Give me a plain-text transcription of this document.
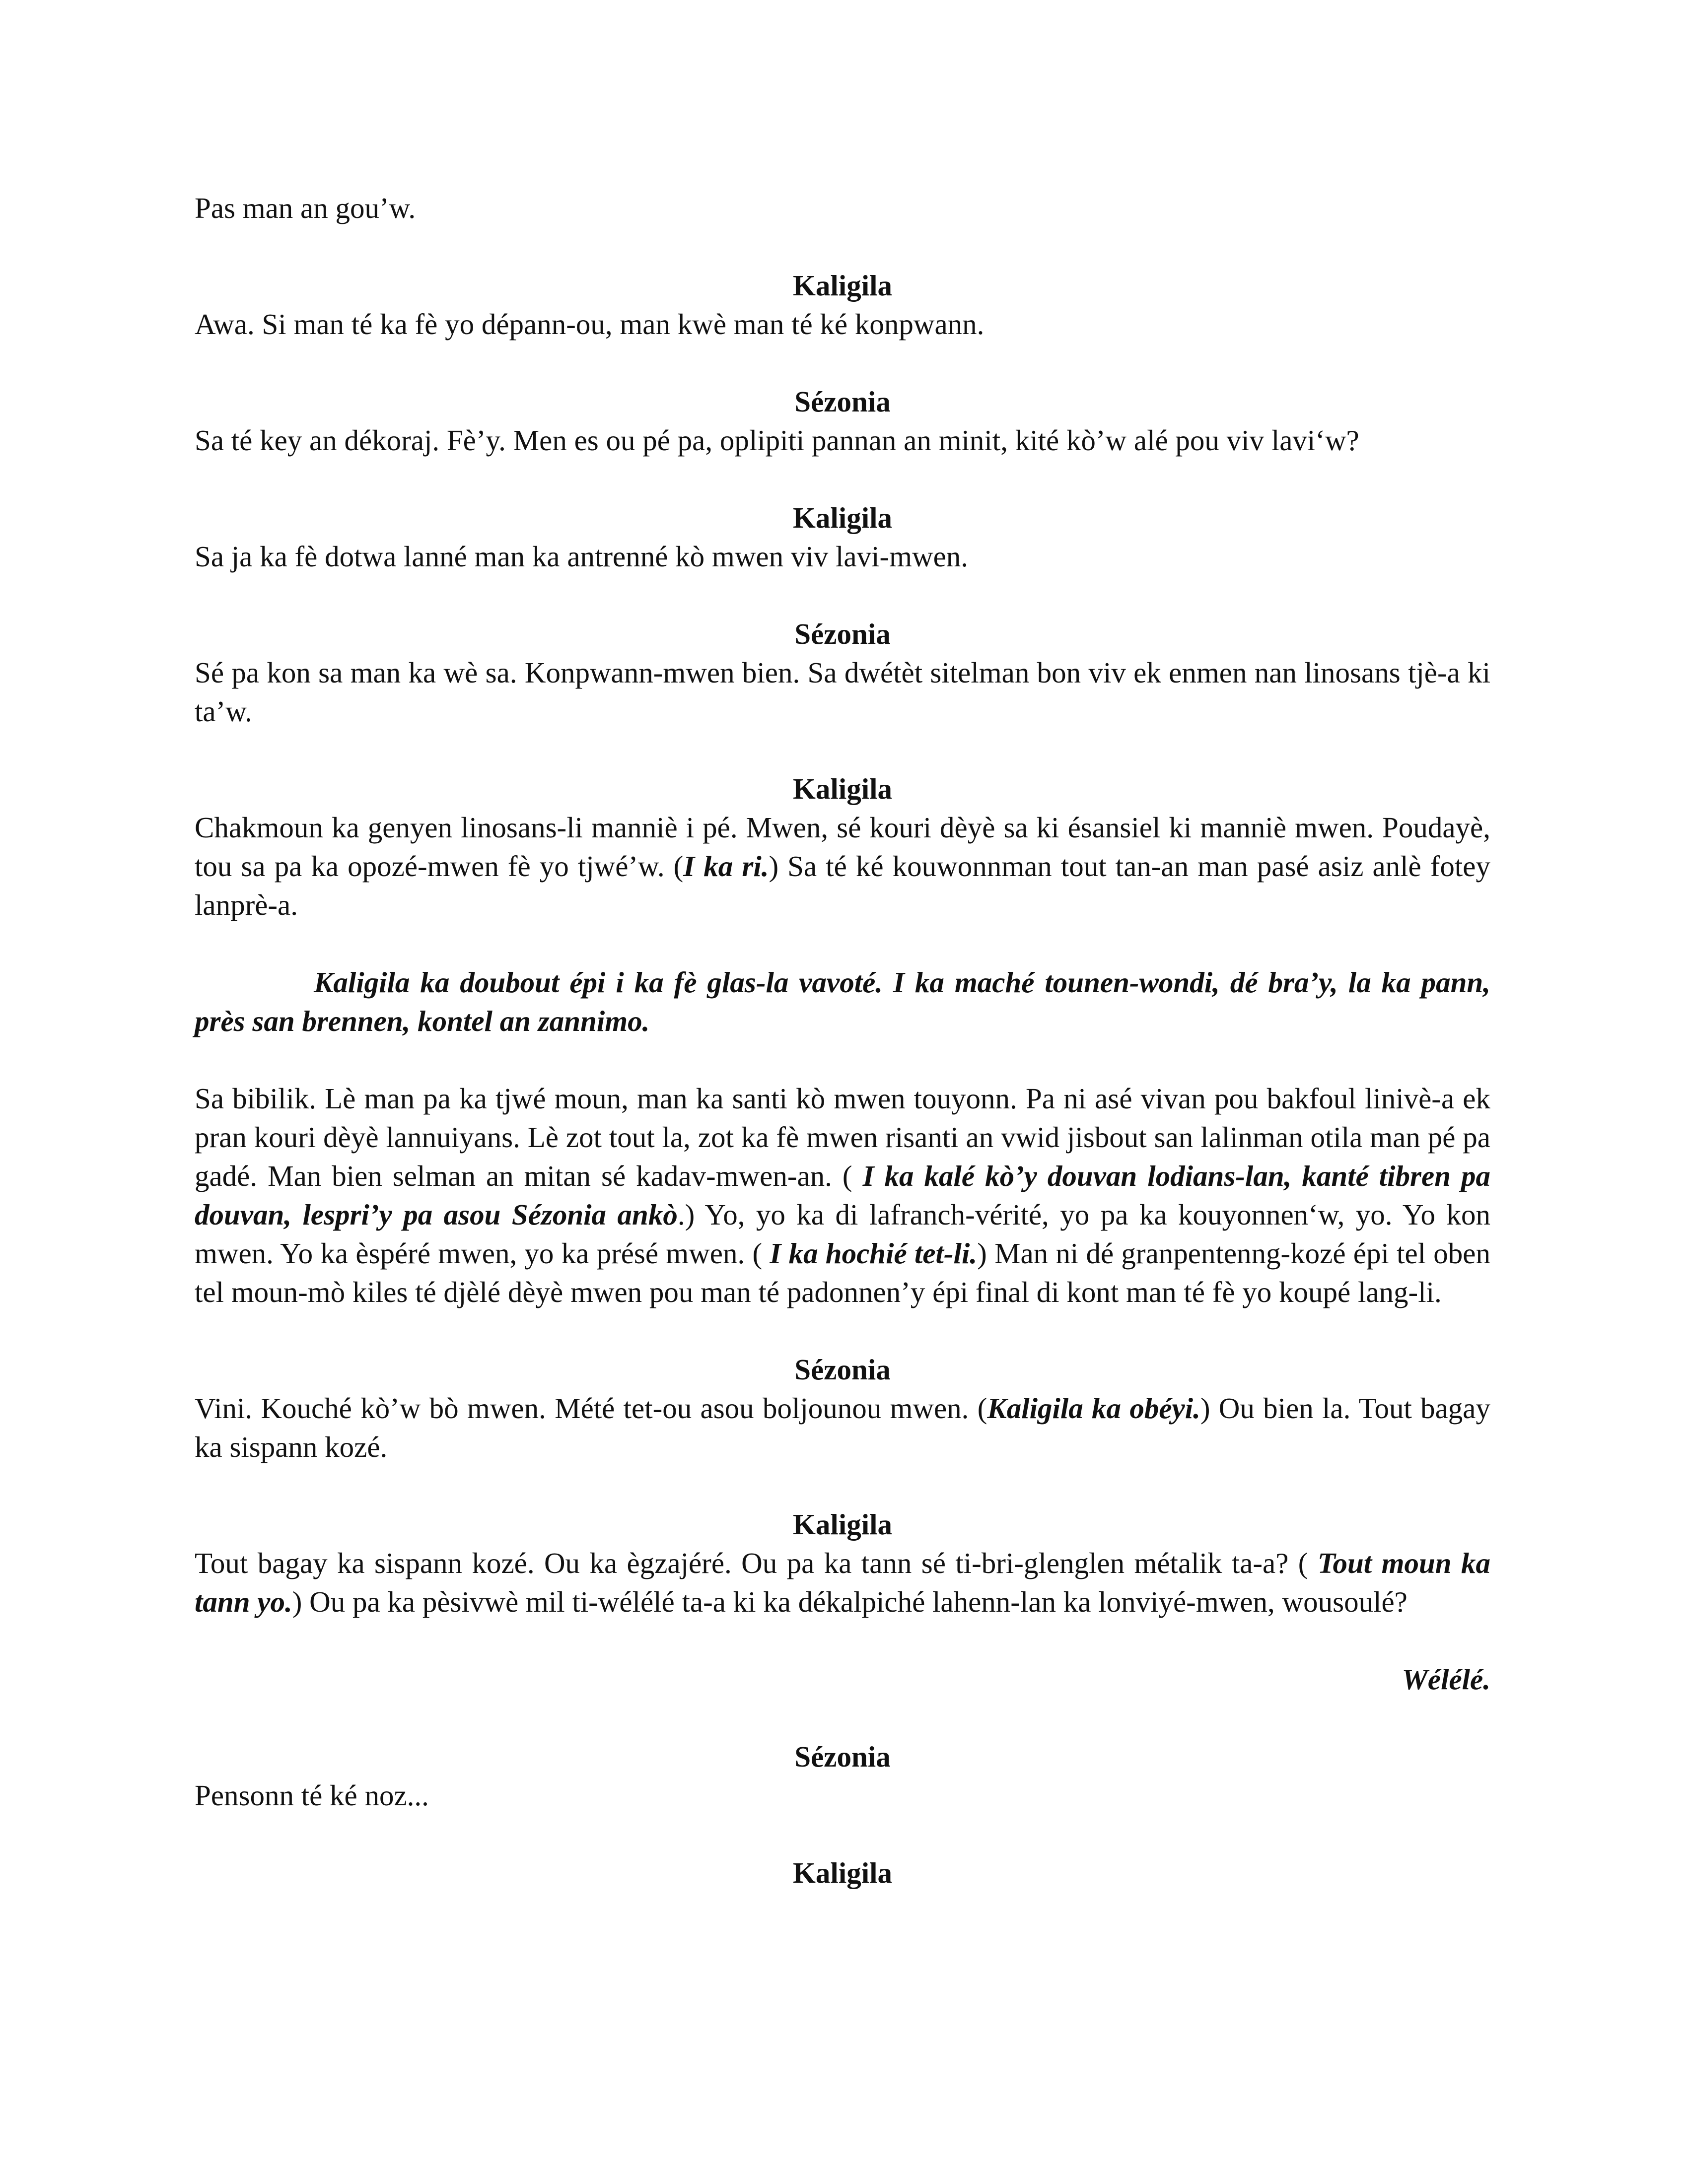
Pas man an gou’w.

Kaligila

Awa. Si man té ka fè yo dépann-ou, man kwè man té ké konpwann.

Sézonia

Sa té key an dékoraj. Fè’y. Men es ou pé pa, oplipiti pannan an minit, kité kò’w alé pou viv lavi‘w?

Kaligila

Sa ja ka fè dotwa lanné man ka antrenné kò mwen viv lavi-mwen.

Sézonia

Sé pa kon sa man ka wè sa. Konpwann-mwen bien. Sa dwétèt sitelman bon viv ek enmen nan linosans tjè-a ki ta’w.

Kaligila

Chakmoun ka genyen linosans-li manniè i pé. Mwen, sé kouri dèyè sa ki ésansiel ki manniè mwen. Poudayè, tou sa pa ka opozé-mwen fè yo tjwé’w. (I ka ri.) Sa té ké kouwonnman tout tan-an man pasé asiz anlè fotey lanprè-a.

Kaligila ka doubout épi i ka fè glas-la vavoté. I ka maché tounen-wondi, dé bra’y, la ka pann, près san brennen, kontel an zannimo.

Sa bibilik. Lè man pa ka tjwé moun, man ka santi kò mwen touyonn. Pa ni asé vivan pou bakfoul linivè-a ek pran kouri dèyè lannuiyans. Lè zot tout la, zot ka fè mwen risanti an vwid jisbout san lalinman otila man pé pa gadé. Man bien selman an mitan sé kadav-mwen-an. ( I ka kalé kò’y douvan lodians-lan, kanté tibren pa douvan, lespri’y pa asou Sézonia ankò.) Yo, yo ka di lafranch-vérité, yo pa ka kouyonnen‘w, yo. Yo kon mwen. Yo ka èspéré mwen, yo ka présé mwen. ( I ka hochié tet-li.) Man ni dé granpentenng-kozé épi tel oben tel moun-mò kiles té djèlé dèyè mwen pou man té padonnen’y épi final di kont man té fè yo koupé lang-li.

Sézonia

Vini. Kouché kò’w bò mwen. Mété tet-ou asou boljounou mwen. (Kaligila ka obéyi.) Ou bien la. Tout bagay ka sispann kozé.

Kaligila

Tout bagay ka sispann kozé. Ou ka ègzajéré. Ou pa ka tann sé ti-bri-glenglen métalik ta-a? ( Tout moun ka tann yo.) Ou pa ka pèsivwè mil ti-wélélé ta-a ki ka dékalpiché lahenn-lan ka lonviyé-mwen, wousoulé?

Wélélé.

Sézonia

Pensonn té ké noz...

Kaligila
